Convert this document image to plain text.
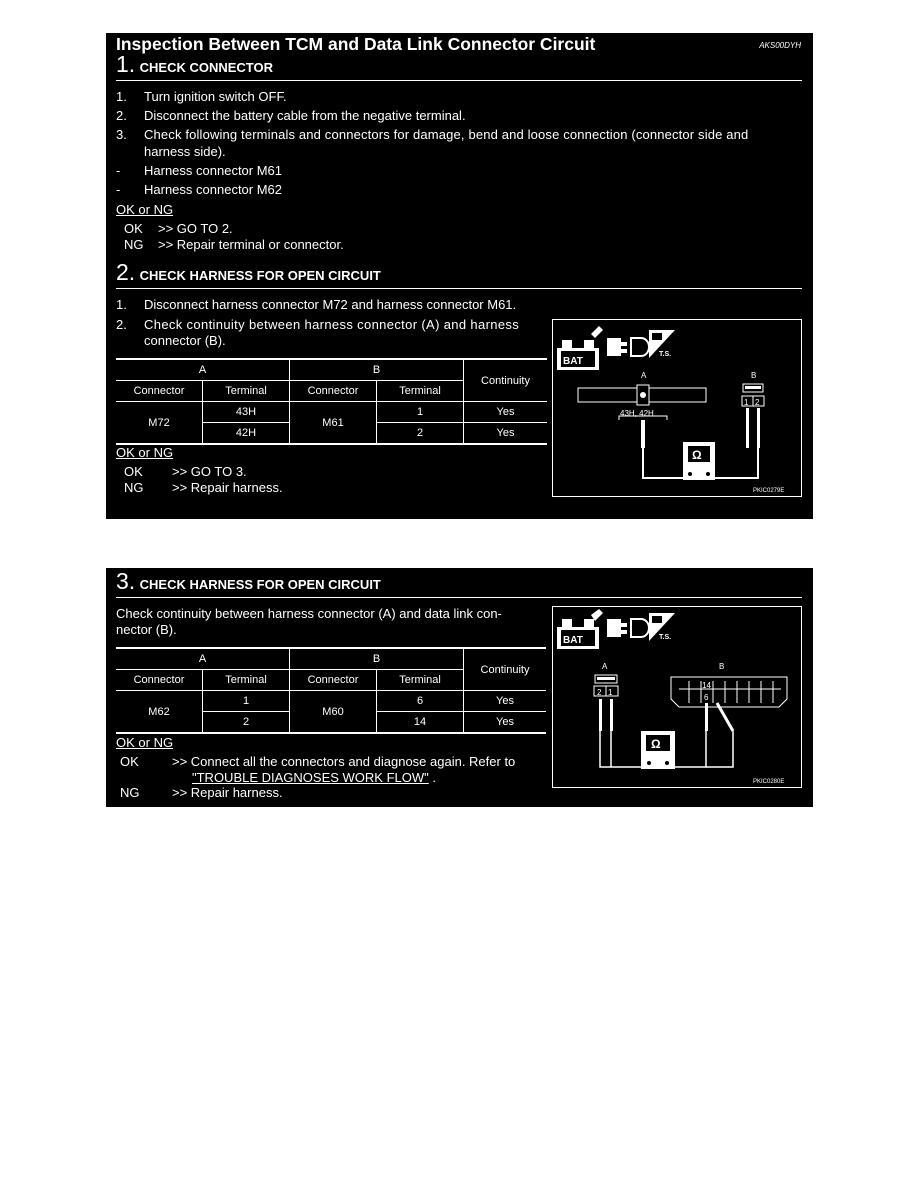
Inspection Between TCM and Data Link Connector Circuit	AKS00DYH
1. CHECK CONNECTOR
1. Turn ignition switch OFF.
2. Disconnect the battery cable from the negative terminal.
3. Check following terminals and connectors for damage, bend and loose connection (connector side and
harness side).
- Harness connector M61
- Harness connector M62
OK or NG
OK >> GO TO 2.
NG >> Repair terminal or connector.
2. CHECK HARNESS FOR OPEN CIRCUIT
1. Disconnect harness connector M72 and harness connector M61.
2. Check continuity between harness connector (A) and harness
connector (B).
A		B		Continuity
Connector	Terminal	Connector	Terminal	
M72	43H	M61	1	Yes
	42H		2	Yes
OK or NG
OK >> GO TO 3.
NG >> Repair harness.
BAT
T.S.
A	B
43H, 42H
1 2
Ω
PKIC0279E
3. CHECK HARNESS FOR OPEN CIRCUIT
Check continuity between harness connector (A) and data link con-
nector (B).
A		B		Continuity
Connector	Terminal	Connector	Terminal	
M62	1	M60	6	Yes
	2		14	Yes
OK or NG
OK	>> Connect all the connectors and diagnose again. Refer to
"TROUBLE DIAGNOSES WORK FLOW" .
NG	>> Repair harness.
BAT	T.S.
A	B
2 1
14
6
Ω
PKIC0280E
